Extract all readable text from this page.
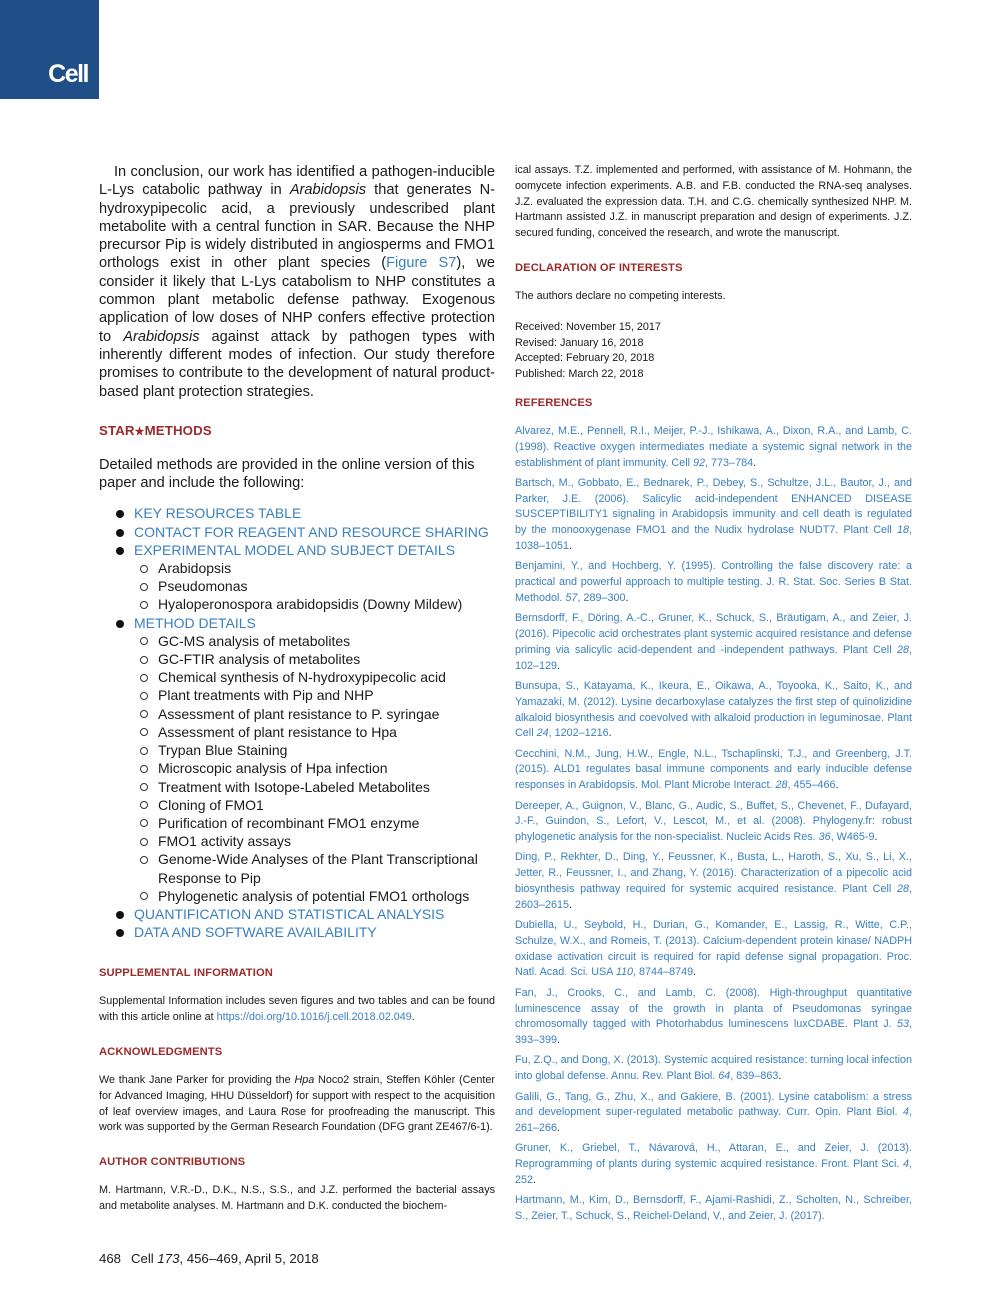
Cell

In conclusion, our work has identified a pathogen-inducible L-Lys catabolic pathway in Arabidopsis that generates N-hydroxypipecolic acid, a previously undescribed plant metabolite with a central function in SAR. Because the NHP precursor Pip is widely distributed in angiosperms and FMO1 orthologs exist in other plant species (Figure S7), we consider it likely that L-Lys catabolism to NHP constitutes a common plant metabolic defense pathway. Exogenous application of low doses of NHP confers effective protection to Arabidopsis against attack by pathogen types with inherently different modes of infection. Our study therefore promises to contribute to the development of natural product-based plant protection strategies.

STAR★METHODS

Detailed methods are provided in the online version of this paper and include the following:

KEY RESOURCES TABLE
CONTACT FOR REAGENT AND RESOURCE SHARING
EXPERIMENTAL MODEL AND SUBJECT DETAILS
Arabidopsis
Pseudomonas
Hyaloperonospora arabidopsidis (Downy Mildew)
METHOD DETAILS
GC-MS analysis of metabolites
GC-FTIR analysis of metabolites
Chemical synthesis of N-hydroxypipecolic acid
Plant treatments with Pip and NHP
Assessment of plant resistance to P. syringae
Assessment of plant resistance to Hpa
Trypan Blue Staining
Microscopic analysis of Hpa infection
Treatment with Isotope-Labeled Metabolites
Cloning of FMO1
Purification of recombinant FMO1 enzyme
FMO1 activity assays
Genome-Wide Analyses of the Plant Transcriptional Response to Pip
Phylogenetic analysis of potential FMO1 orthologs
QUANTIFICATION AND STATISTICAL ANALYSIS
DATA AND SOFTWARE AVAILABILITY
SUPPLEMENTAL INFORMATION

Supplemental Information includes seven figures and two tables and can be found with this article online at https://doi.org/10.1016/j.cell.2018.02.049.

ACKNOWLEDGMENTS

We thank Jane Parker for providing the Hpa Noco2 strain, Steffen Köhler (Center for Advanced Imaging, HHU Düsseldorf) for support with respect to the acquisition of leaf overview images, and Laura Rose for proofreading the manuscript. This work was supported by the German Research Foundation (DFG grant ZE467/6-1).

AUTHOR CONTRIBUTIONS

M. Hartmann, V.R.-D., D.K., N.S., S.S., and J.Z. performed the bacterial assays and metabolite analyses. M. Hartmann and D.K. conducted the biochem-

ical assays. T.Z. implemented and performed, with assistance of M. Hohmann, the oomycete infection experiments. A.B. and F.B. conducted the RNA-seq analyses. J.Z. evaluated the expression data. T.H. and C.G. chemically synthesized NHP. M. Hartmann assisted J.Z. in manuscript preparation and design of experiments. J.Z. secured funding, conceived the research, and wrote the manuscript.

DECLARATION OF INTERESTS

The authors declare no competing interests.

Received: November 15, 2017

Revised: January 16, 2018

Accepted: February 20, 2018

Published: March 22, 2018

REFERENCES

Alvarez, M.E., Pennell, R.I., Meijer, P.-J., Ishikawa, A., Dixon, R.A., and Lamb, C. (1998). Reactive oxygen intermediates mediate a systemic signal network in the establishment of plant immunity. Cell 92, 773–784.

Bartsch, M., Gobbato, E., Bednarek, P., Debey, S., Schultze, J.L., Bautor, J., and Parker, J.E. (2006). Salicylic acid-independent ENHANCED DISEASE SUSCEPTIBILITY1 signaling in Arabidopsis immunity and cell death is regulated by the monooxygenase FMO1 and the Nudix hydrolase NUDT7. Plant Cell 18, 1038–1051.

Benjamini, Y., and Hochberg, Y. (1995). Controlling the false discovery rate: a practical and powerful approach to multiple testing. J. R. Stat. Soc. Series B Stat. Methodol. 57, 289–300.

Bernsdorff, F., Döring, A.-C., Gruner, K., Schuck, S., Bräutigam, A., and Zeier, J. (2016). Pipecolic acid orchestrates plant systemic acquired resistance and defense priming via salicylic acid-dependent and -independent pathways. Plant Cell 28, 102–129.

Bunsupa, S., Katayama, K., Ikeura, E., Oikawa, A., Toyooka, K., Saito, K., and Yamazaki, M. (2012). Lysine decarboxylase catalyzes the first step of quinolizidine alkaloid biosynthesis and coevolved with alkaloid production in leguminosae. Plant Cell 24, 1202–1216.

Cecchini, N.M., Jung, H.W., Engle, N.L., Tschaplinski, T.J., and Greenberg, J.T. (2015). ALD1 regulates basal immune components and early inducible defense responses in Arabidopsis. Mol. Plant Microbe Interact. 28, 455–466.

Dereeper, A., Guignon, V., Blanc, G., Audic, S., Buffet, S., Chevenet, F., Dufayard, J.-F., Guindon, S., Lefort, V., Lescot, M., et al. (2008). Phylogeny.fr: robust phylogenetic analysis for the non-specialist. Nucleic Acids Res. 36, W465-9.

Ding, P., Rekhter, D., Ding, Y., Feussner, K., Busta, L., Haroth, S., Xu, S., Li, X., Jetter, R., Feussner, I., and Zhang, Y. (2016). Characterization of a pipecolic acid biosynthesis pathway required for systemic acquired resistance. Plant Cell 28, 2603–2615.

Dubiella, U., Seybold, H., Durian, G., Komander, E., Lassig, R., Witte, C.P., Schulze, W.X., and Romeis, T. (2013). Calcium-dependent protein kinase/ NADPH oxidase activation circuit is required for rapid defense signal propagation. Proc. Natl. Acad. Sci. USA 110, 8744–8749.

Fan, J., Crooks, C., and Lamb, C. (2008). High-throughput quantitative luminescence assay of the growth in planta of Pseudomonas syringae chromosomally tagged with Photorhabdus luminescens luxCDABE. Plant J. 53, 393–399.

Fu, Z.Q., and Dong, X. (2013). Systemic acquired resistance: turning local infection into global defense. Annu. Rev. Plant Biol. 64, 839–863.

Galili, G., Tang, G., Zhu, X., and Gakiere, B. (2001). Lysine catabolism: a stress and development super-regulated metabolic pathway. Curr. Opin. Plant Biol. 4, 261–266.

Gruner, K., Griebel, T., Návarová, H., Attaran, E., and Zeier, J. (2013). Reprogramming of plants during systemic acquired resistance. Front. Plant Sci. 4, 252.

Hartmann, M., Kim, D., Bernsdorff, F., Ajami-Rashidi, Z., Scholten, N., Schreiber, S., Zeier, T., Schuck, S., Reichel-Deland, V., and Zeier, J. (2017).

468 Cell 173, 456–469, April 5, 2018
